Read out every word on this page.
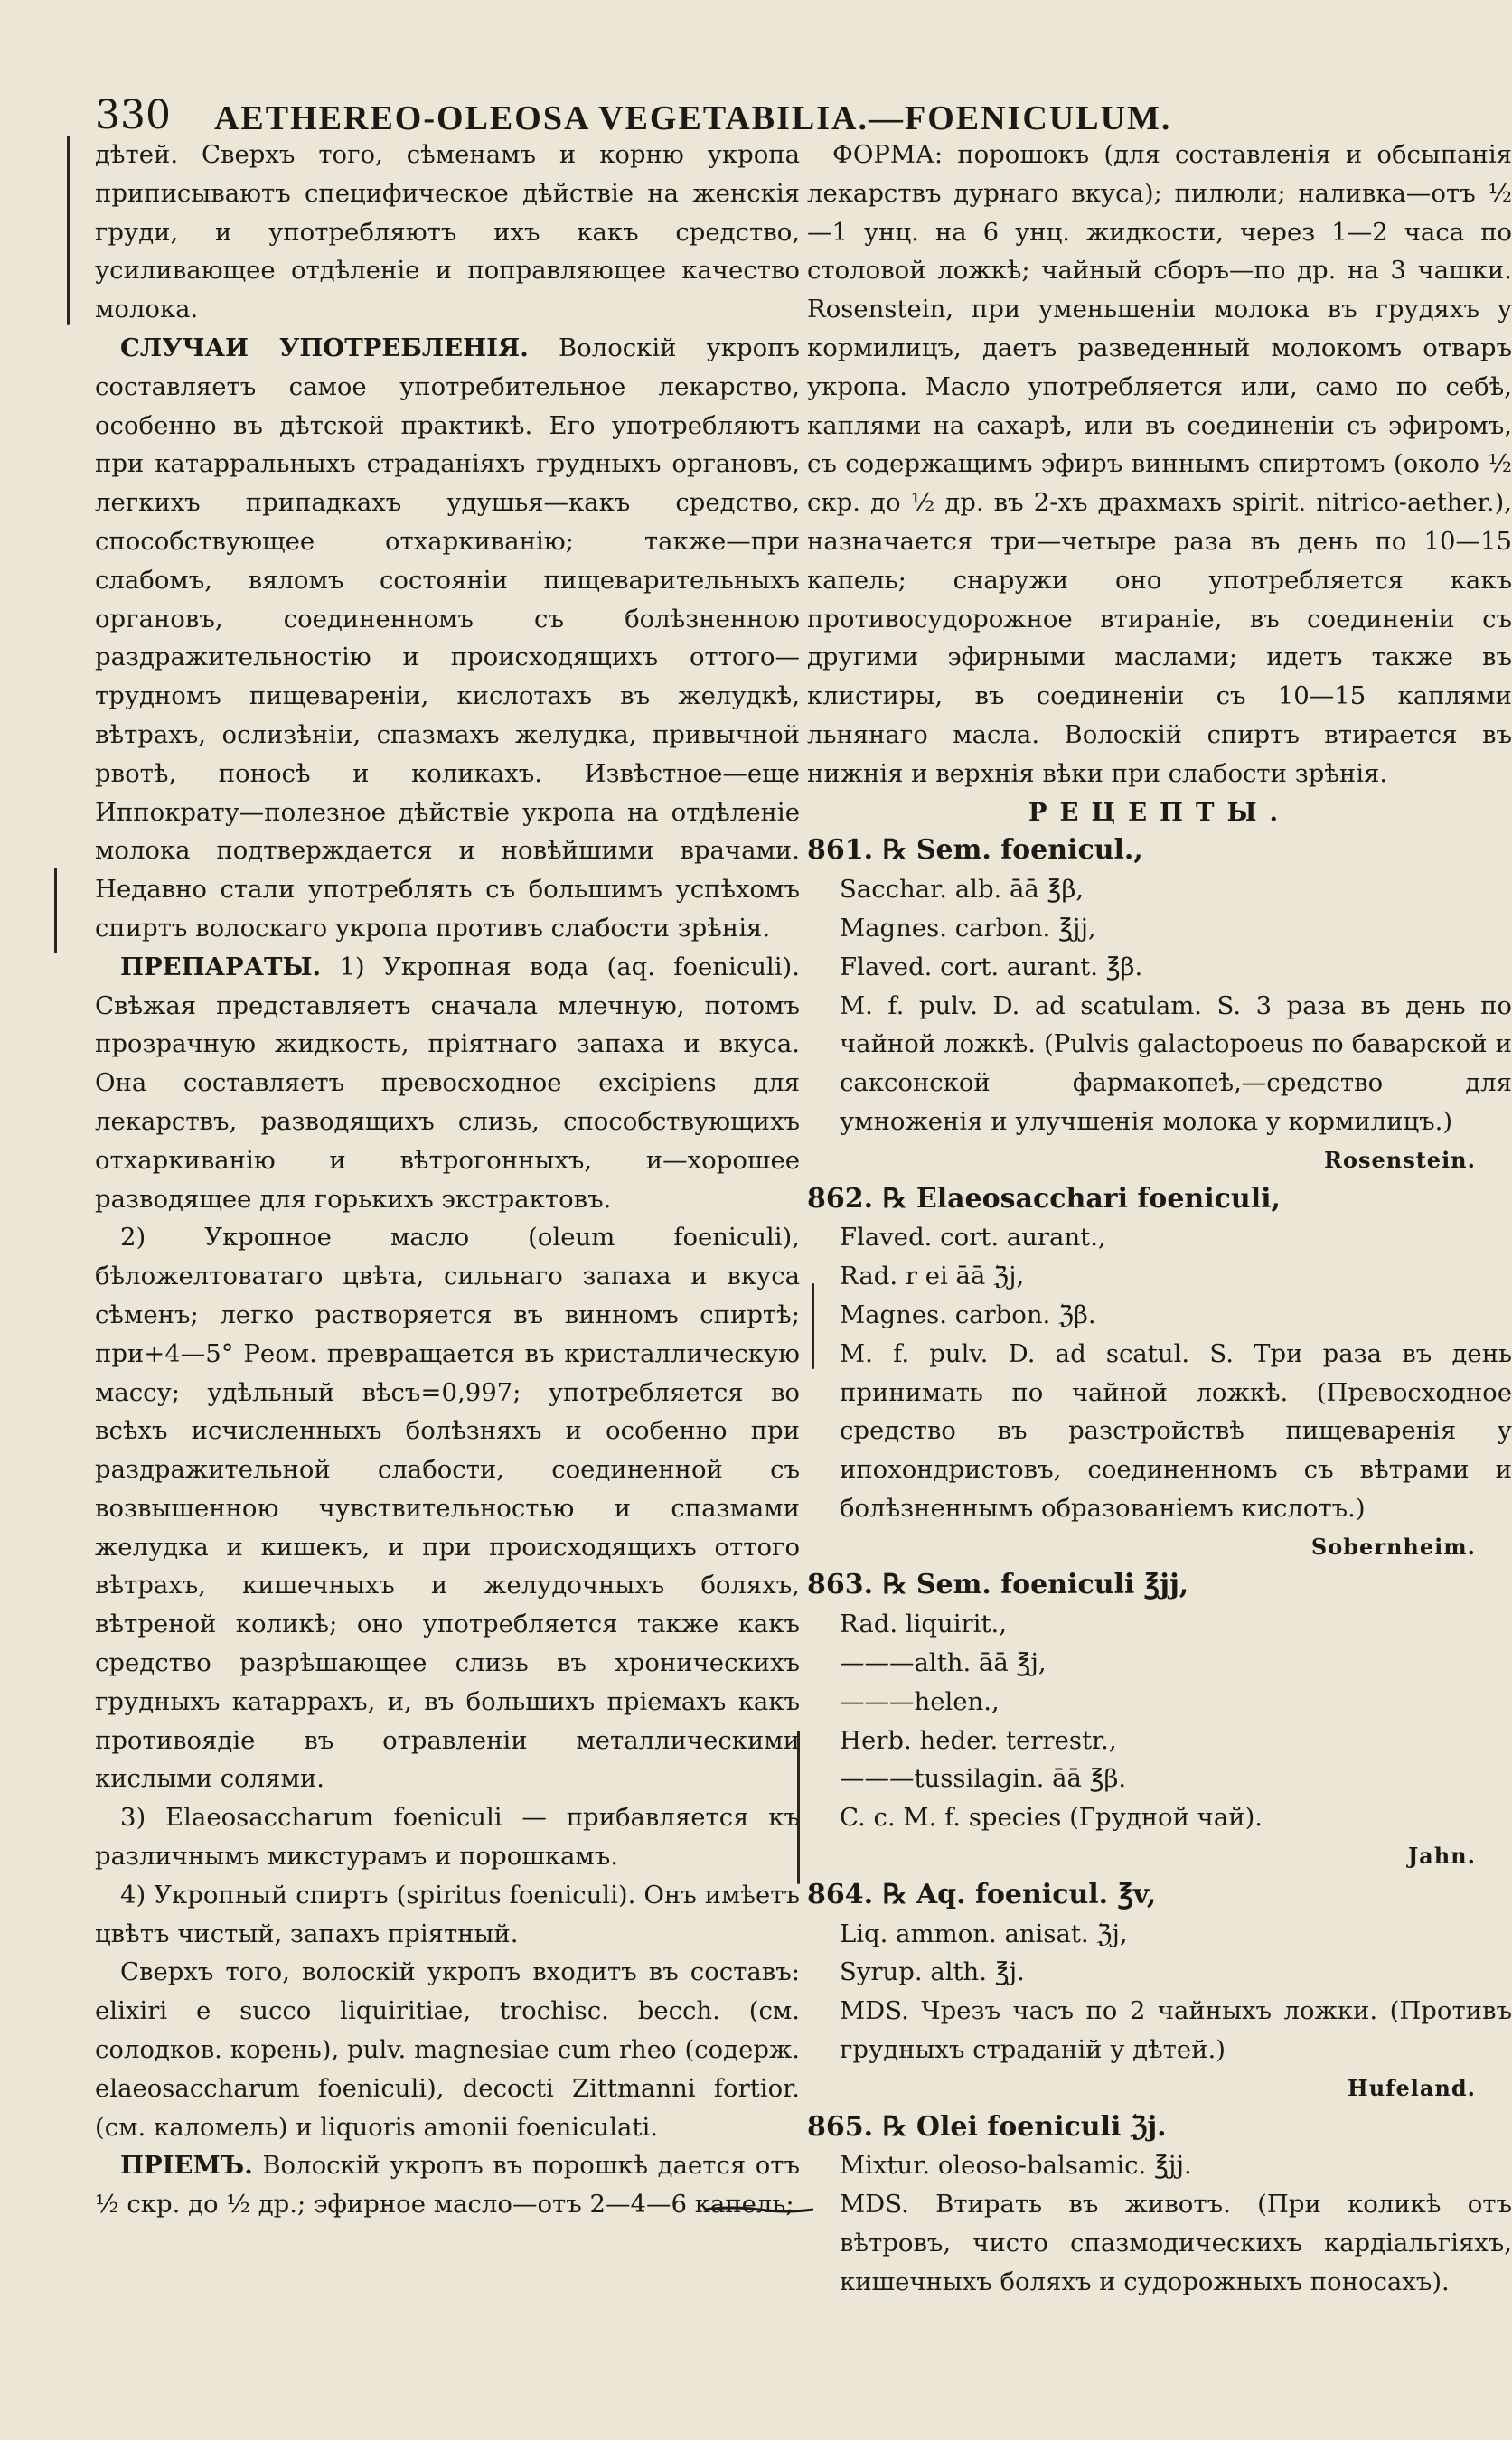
330 AETHEREO-OLEOSA VEGETABILIA.—FOENICULUM.

дѣтей. Сверхъ того, сѣменамъ и корню укропа приписываютъ специфическое дѣйствіе на женскія груди, и употребляютъ ихъ какъ средство, усиливающее отдѣленіе и поправляющее качество молока.

СЛУЧАИ УПОТРЕБЛЕНІЯ. Волоскій укропъ составляетъ самое употребительное лекарство, особенно въ дѣтской практикѣ. Его употребляютъ при катарральныхъ страданіяхъ грудныхъ органовъ, легкихъ припадкахъ удушья—какъ средство, способствующее отхаркиванію; также—при слабомъ, вяломъ состояніи пищеварительныхъ органовъ, соединенномъ съ болѣзненною раздражительностію и происходящихъ оттого—трудномъ пищевареніи, кислотахъ въ желудкѣ, вѣтрахъ, ослизѣніи, спазмахъ желудка, привычной рвотѣ, поносѣ и коликахъ. Извѣстное—еще Иппократу—полезное дѣйствіе укропа на отдѣленіе молока подтверждается и новѣйшими врачами. Недавно стали употреблять съ большимъ успѣхомъ спиртъ волоскаго укропа противъ слабости зрѣнія.

ПРЕПАРАТЫ. 1) Укропная вода (aq. foeniculi). Свѣжая представляетъ сначала млечную, потомъ прозрачную жидкость, пріятнаго запаха и вкуса. Она составляетъ превосходное excipiens для лекарствъ, разводящихъ слизь, способствующихъ отхаркиванію и вѣтрогонныхъ, и—хорошее разводящее для горькихъ экстрактовъ.

2) Укропное масло (oleum foeniculi), бѣложелтоватаго цвѣта, сильнаго запаха и вкуса сѣменъ; легко растворяется въ винномъ спиртѣ; при+4—5° Реом. превращается въ кристаллическую массу; удѣльный вѣсъ=0,997; употребляется во всѣхъ исчисленныхъ болѣзняхъ и особенно при раздражительной слабости, соединенной съ возвышенною чувствительностью и спазмами желудка и кишекъ, и при происходящихъ оттого вѣтрахъ, кишечныхъ и желудочныхъ боляхъ, вѣтреной коликѣ; оно употребляется также какъ средство разрѣшающее слизь въ хроническихъ грудныхъ катаррахъ, и, въ большихъ пріемахъ какъ противоядіе въ отравленіи металлическими кислыми солями.

3) Elaeosaccharum foeniculi — прибавляется къ различнымъ микстурамъ и порошкамъ.

4) Укропный спиртъ (spiritus foeniculi). Онъ имѣетъ цвѣтъ чистый, запахъ пріятный.

Сверхъ того, волоскій укропъ входитъ въ составъ: elixiri e succo liquiritiae, trochisc. becch. (см. солодков. корень), pulv. magnesiae cum rheo (содерж. elaeosaccharum foeniculi), decocti Zittmanni fortior. (см. каломель) и liquoris amonii foeniculati.

ПРІЕМЪ. Волоскій укропъ въ порошкѣ дается отъ ½ скр. до ½ др.; эфирное масло—отъ 2—4—6 капель;

ФОРМА: порошокъ (для составленія и обсыпанія лекарствъ дурнаго вкуса); пилюли; наливка—отъ ½—1 унц. на 6 унц. жидкости, через 1—2 часа по столовой ложкѣ; чайный сборъ—по др. на 3 чашки. Rosenstein, при уменьшеніи молока въ грудяхъ у кормилицъ, даетъ разведенный молокомъ отваръ укропа. Масло употребляется или, само по себѣ, каплями на сахарѣ, или въ соединеніи съ эфиромъ, съ содержащимъ эфиръ виннымъ спиртомъ (около ½ скр. до ½ др. въ 2-хъ драхмахъ spirit. nitrico-aether.), назначается три—четыре раза въ день по 10—15 капель; снаружи оно употребляется какъ противосудорожное втираніе, въ соединеніи съ другими эфирными маслами; идетъ также въ клистиры, въ соединеніи съ 10—15 каплями льнянаго масла. Волоскій спиртъ втирается въ нижнія и верхнія вѣки при слабости зрѣнія.

РЕЦЕПТЫ.

861. ℞ Sem. foenicul.,

Sacchar. alb. āā ℥β,

Magnes. carbon. ℥jj,

Flaved. cort. aurant. ℥β.

M. f. pulv. D. ad scatulam. S. 3 раза въ день по чайной ложкѣ. (Pulvis galactopoeus по баварской и саксонской фармакопеѣ,—средство для умноженія и улучшенія молока у кормилицъ.)

Rosenstein.

862. ℞ Elaeosacchari foeniculi,

Flaved. cort. aurant.,

Rad. r ei āā ℨj,

Magnes. carbon. ℨβ.

M. f. pulv. D. ad scatul. S. Три раза въ день принимать по чайной ложкѣ. (Превосходное средство въ разстройствѣ пищеваренія у ипохондристовъ, соединенномъ съ вѣтрами и болѣзненнымъ образованіемъ кислотъ.)

Sobernheim.

863. ℞ Sem. foeniculi ℥jj,

Rad. liquirit.,

———alth. āā ℥j,

———helen.,

Herb. heder. terrestr.,

———tussilagin. āā ℥β.

C. c. M. f. species (Грудной чай).

Jahn.

864. ℞ Aq. foenicul. ℥v,

Liq. ammon. anisat. ℨj,

Syrup. alth. ℥j.

MDS. Чрезъ часъ по 2 чайныхъ ложки. (Противъ грудныхъ страданій у дѣтей.)

Hufeland.

865. ℞ Olei foeniculi ℨj.

Mixtur. oleoso-balsamic. ℥jj.

MDS. Втирать въ животъ. (При коликѣ отъ вѣтровъ, чисто спазмодическихъ кардіальгіяхъ, кишечныхъ боляхъ и судорожныхъ поносахъ).
